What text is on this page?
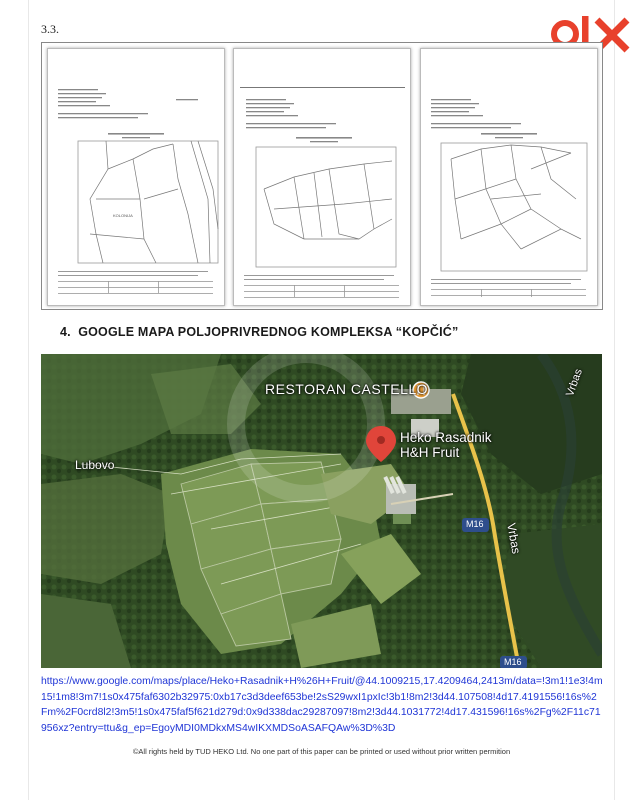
3.3.
KOLONIJA
4. GOOGLE MAPA POLJOPRIVREDNOG KOMPLEKSA “KOPČIĆ”
RESTORAN CASTELLO
Heko Rasadnik
H&H Fruit
Lubovo
Vrbas
Vrbas
M16
M16
https://www.google.com/maps/place/Heko+Rasadnik+H%26H+Fruit/@44.1009215,17.4209464,2413m/data=!3m1!1e3!4m15!1m8!3m7!1s0x475faf6302b32975:0xb17c3d3deef653be!2sS29wxI1pxIc!3b1!8m2!3d44.107508!4d17.4191556!16s%2Fm%2F0crd8l2!3m5!1s0x475faf5f621d279d:0x9d338dac29287097!8m2!3d44.1031772!4d17.431596!16s%2Fg%2F11c71956xz?entry=ttu&g_ep=EgoyMDI0MDkxMS4wIKXMDSoASAFQAw%3D%3D
©All rights held by TUD HEKO Ltd. No one part of this paper can be printed or used without prior written permition
